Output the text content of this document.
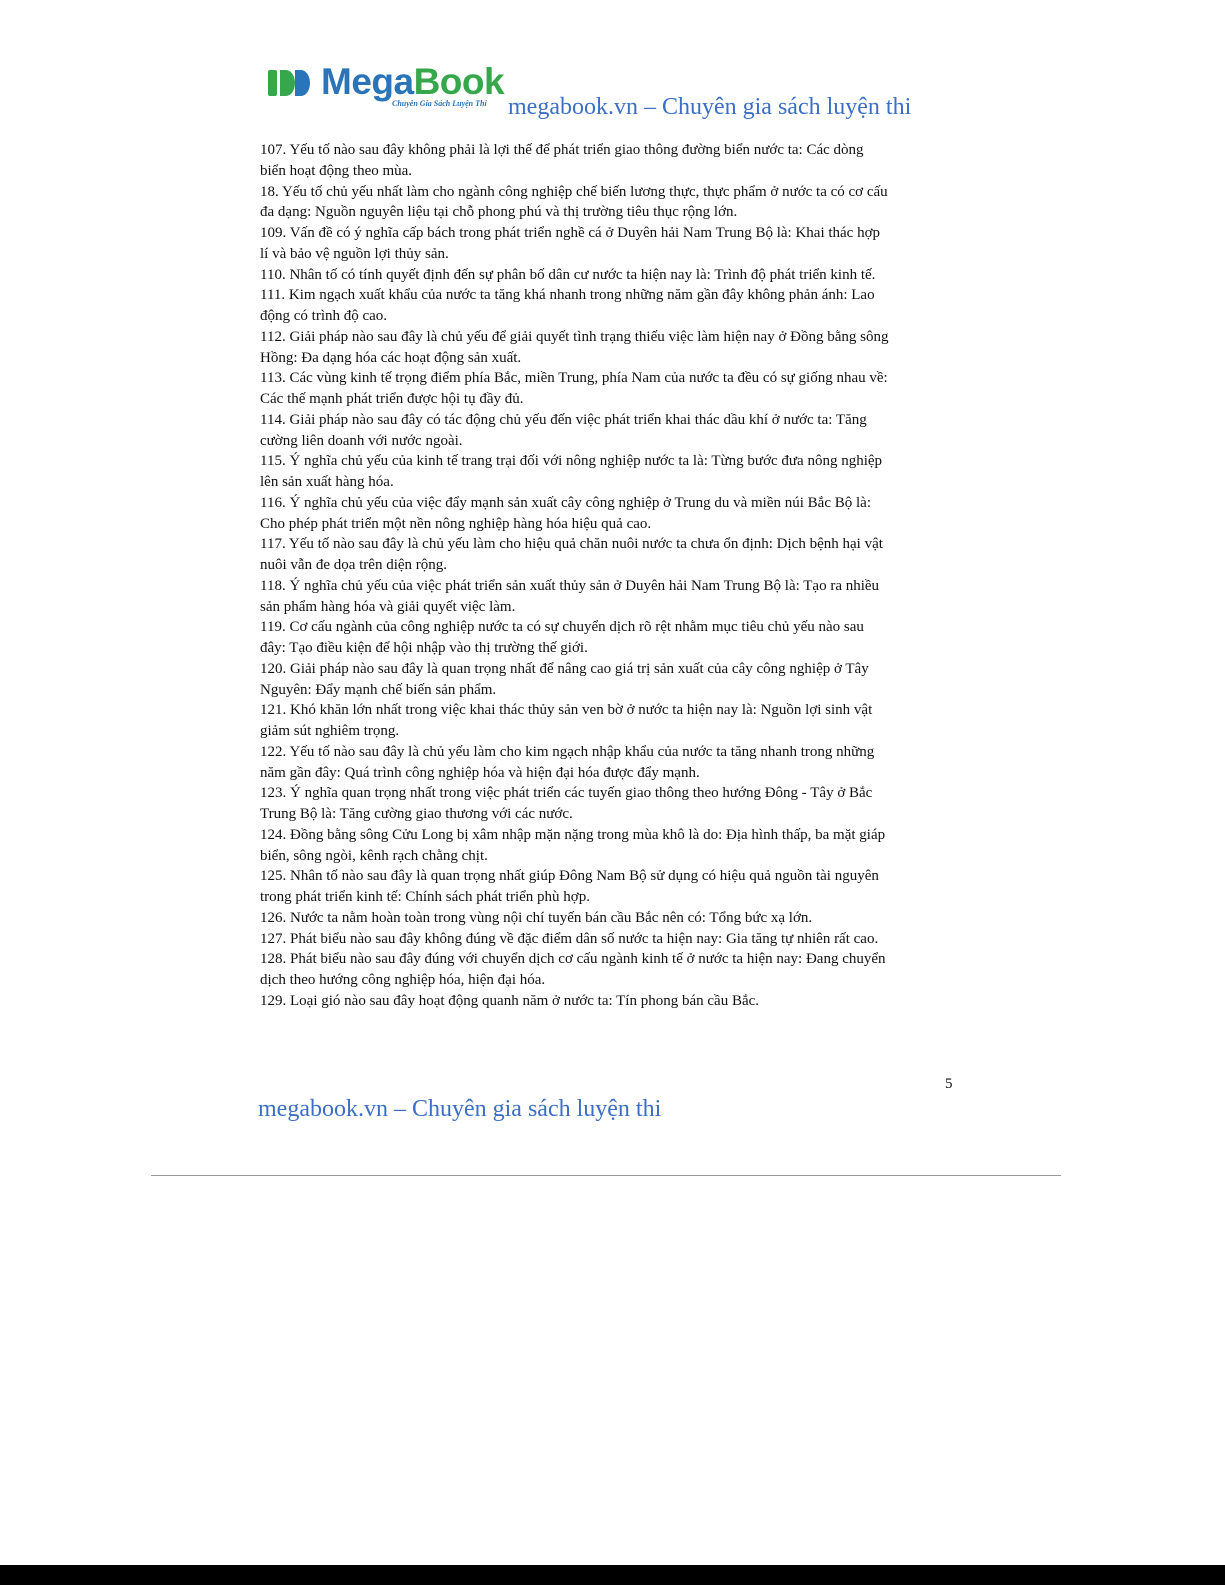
MegaBook
Chuyên Gia Sách Luyện Thi megabook.vn – Chuyên gia sách luyện thi

107. Yếu tố nào sau đây không phải là lợi thế để phát triển giao thông đường biển nước ta: Các dòng biển hoạt động theo mùa.

18. Yếu tố chủ yếu nhất làm cho ngành công nghiệp chế biến lương thực, thực phẩm ở nước ta có cơ cấu đa dạng: Nguồn nguyên liệu tại chỗ phong phú và thị trường tiêu thục rộng lớn.

109. Vấn đề có ý nghĩa cấp bách trong phát triển nghề cá ở Duyên hải Nam Trung Bộ là: Khai thác hợp lí và bảo vệ nguồn lợi thủy sản.

110. Nhân tố có tính quyết định đến sự phân bố dân cư nước ta hiện nay là: Trình độ phát triển kinh tế.

111. Kim ngạch xuất khẩu của nước ta tăng khá nhanh trong những năm gần đây không phản ánh: Lao động có trình độ cao.

112. Giải pháp nào sau đây là chủ yếu để giải quyết tình trạng thiếu việc làm hiện nay ở Đồng bằng sông Hồng: Đa dạng hóa các hoạt động sản xuất.

113. Các vùng kinh tế trọng điểm phía Bắc, miền Trung, phía Nam của nước ta đều có sự giống nhau về: Các thế mạnh phát triển được hội tụ đầy đủ.

114. Giải pháp nào sau đây có tác động chủ yếu đến việc phát triển khai thác dầu khí ở nước ta: Tăng cường liên doanh với nước ngoài.

115. Ý nghĩa chủ yếu của kinh tế trang trại đối với nông nghiệp nước ta là: Từng bước đưa nông nghiệp lên sản xuất hàng hóa.

116. Ý nghĩa chủ yếu của việc đẩy mạnh sản xuất cây công nghiệp ở Trung du và miền núi Bắc Bộ là: Cho phép phát triển một nền nông nghiệp hàng hóa hiệu quả cao.

117. Yếu tố nào sau đây là chủ yếu làm cho hiệu quả chăn nuôi nước ta chưa ổn định: Dịch bệnh hại vật nuôi vẫn đe dọa trên diện rộng.

118. Ý nghĩa chủ yếu của việc phát triển sản xuất thủy sản ở Duyên hải Nam Trung Bộ là: Tạo ra nhiều sản phẩm hàng hóa và giải quyết việc làm.

119. Cơ cấu ngành của công nghiệp nước ta có sự chuyển dịch rõ rệt nhằm mục tiêu chủ yếu nào sau đây: Tạo điều kiện để hội nhập vào thị trường thế giới.

120. Giải pháp nào sau đây là quan trọng nhất để nâng cao giá trị sản xuất của cây công nghiệp ở Tây Nguyên: Đẩy mạnh chế biến sản phẩm.

121. Khó khăn lớn nhất trong việc khai thác thủy sản ven bờ ở nước ta hiện nay là: Nguồn lợi sinh vật giảm sút nghiêm trọng.

122. Yếu tố nào sau đây là chủ yếu làm cho kim ngạch nhập khẩu của nước ta tăng nhanh trong những năm gần đây: Quá trình công nghiệp hóa và hiện đại hóa được đẩy mạnh.

123. Ý nghĩa quan trọng nhất trong việc phát triển các tuyến giao thông theo hướng Đông - Tây ở Bắc Trung Bộ là: Tăng cường giao thương với các nước.

124. Đồng bằng sông Cửu Long bị xâm nhập mặn nặng trong mùa khô là do: Địa hình thấp, ba mặt giáp biển, sông ngòi, kênh rạch chằng chịt.

125. Nhân tố nào sau đây là quan trọng nhất giúp Đông Nam Bộ sử dụng có hiệu quả nguồn tài nguyên trong phát triển kinh tế: Chính sách phát triển phù hợp.

126. Nước ta nằm hoàn toàn trong vùng nội chí tuyến bán cầu Bắc nên có: Tổng bức xạ lớn.

127. Phát biểu nào sau đây không đúng về đặc điểm dân số nước ta hiện nay: Gia tăng tự nhiên rất cao.

128. Phát biểu nào sau đây đúng với chuyển dịch cơ cấu ngành kinh tế ở nước ta hiện nay: Đang chuyển dịch theo hướng công nghiệp hóa, hiện đại hóa.

129. Loại gió nào sau đây hoạt động quanh năm ở nước ta: Tín phong bán cầu Bắc.

5
megabook.vn – Chuyên gia sách luyện thi
